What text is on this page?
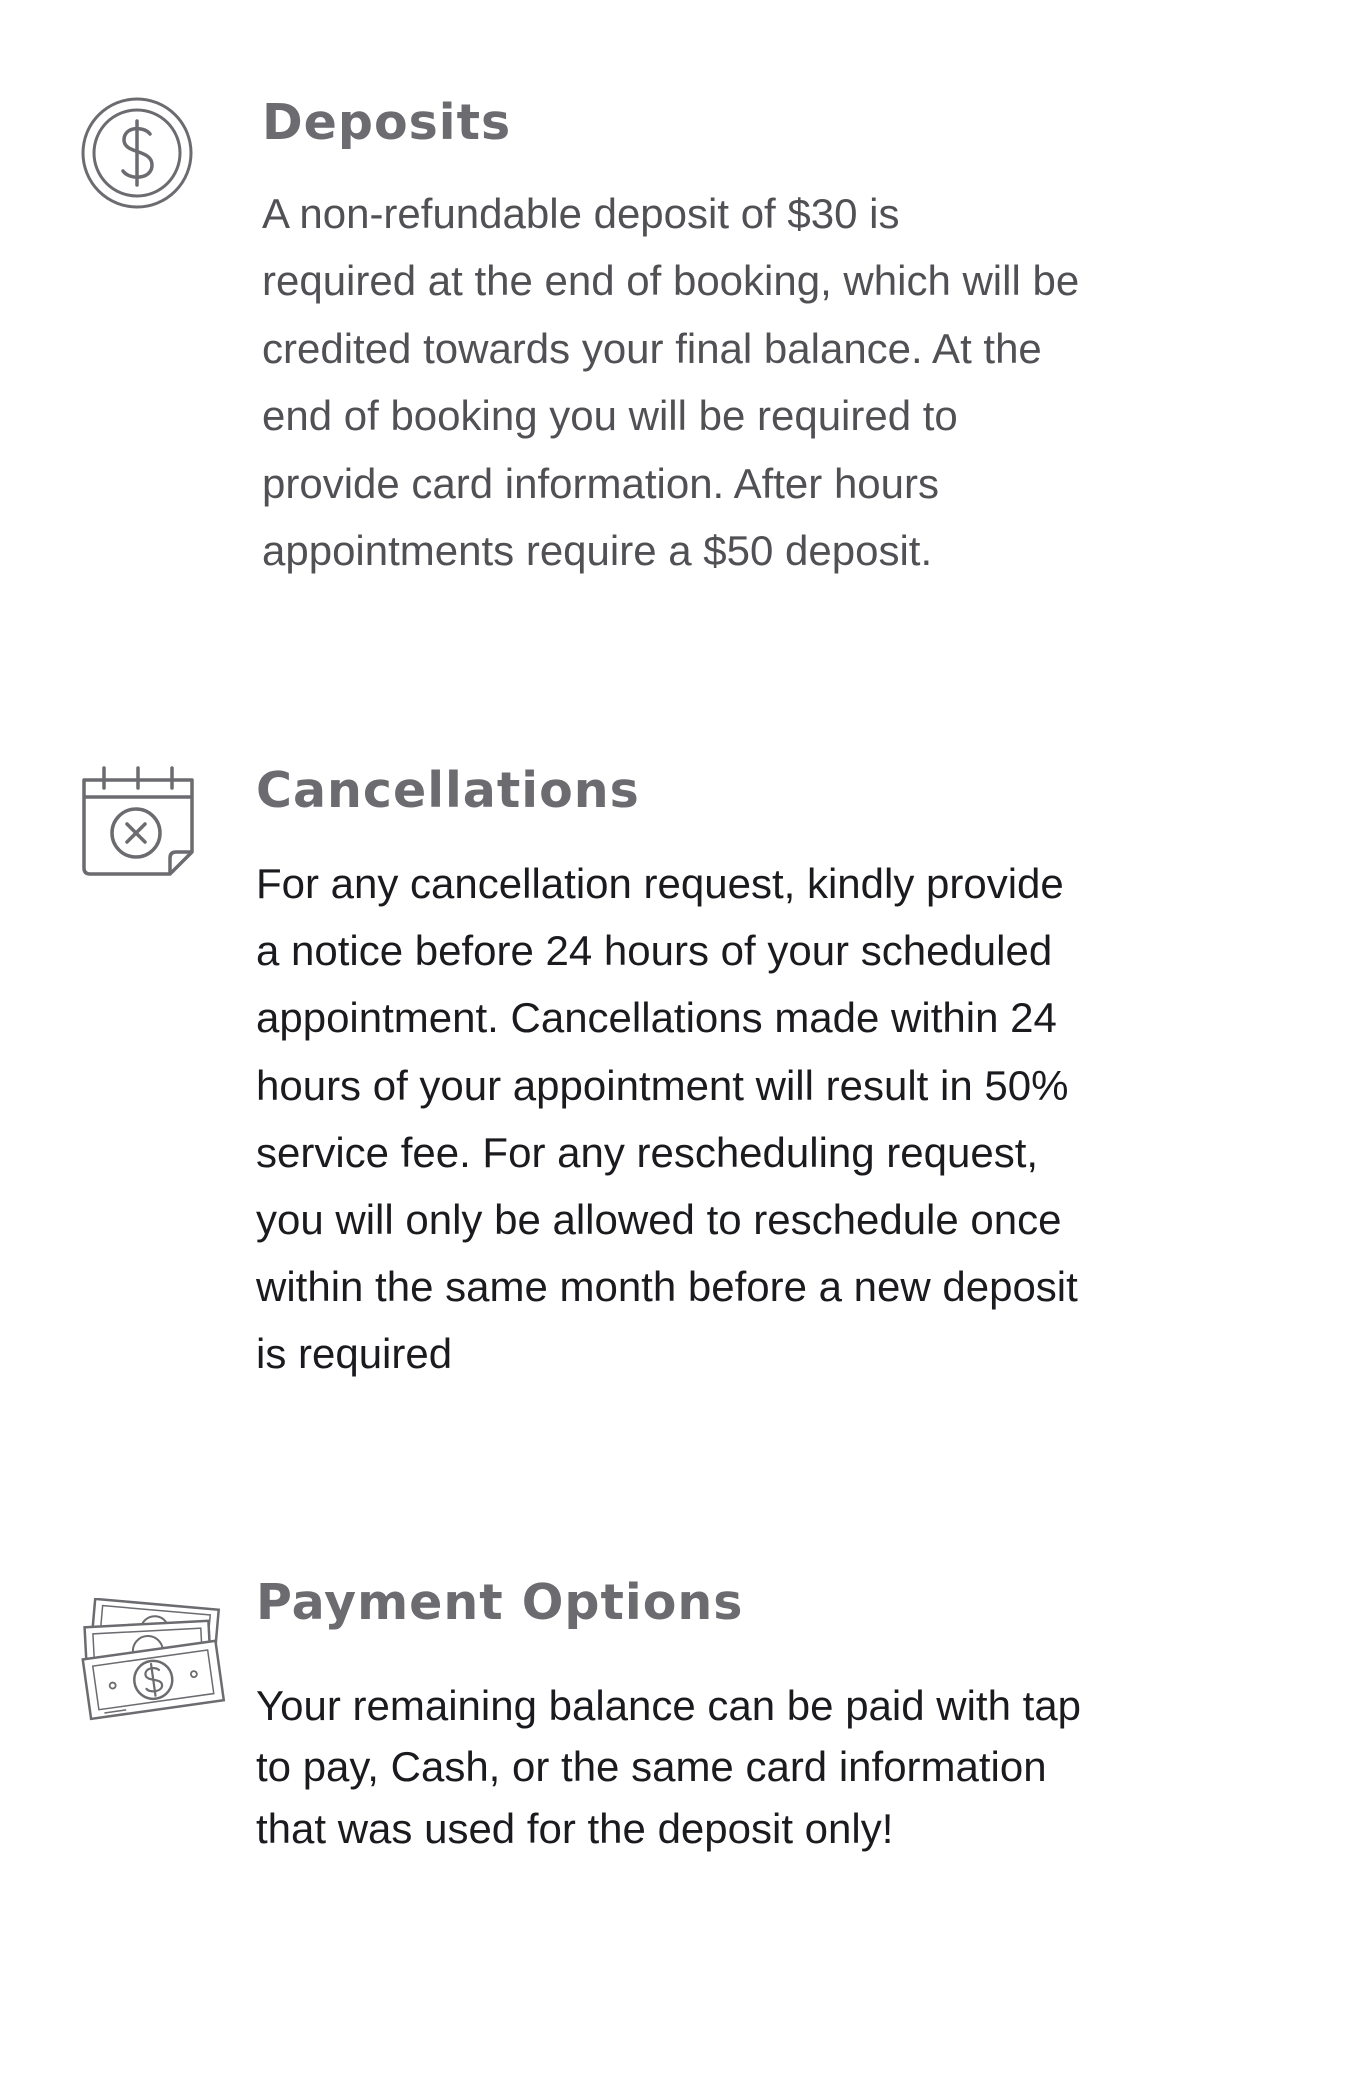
Deposits

A non-refundable deposit of $30 is
required at the end of booking, which will be
credited towards your final balance. At the
end of booking you will be required to
provide card information. After hours
appointments require a $50 deposit.

Cancellations

For any cancellation request, kindly provide
a notice before 24 hours of your scheduled
appointment. Cancellations made within 24
hours of your appointment will result in 50%
service fee. For any rescheduling request,
you will only be allowed to reschedule once
within the same month before a new deposit
is required

Payment Options

Your remaining balance can be paid with tap
to pay, Cash, or the same card information
that was used for the deposit only!
